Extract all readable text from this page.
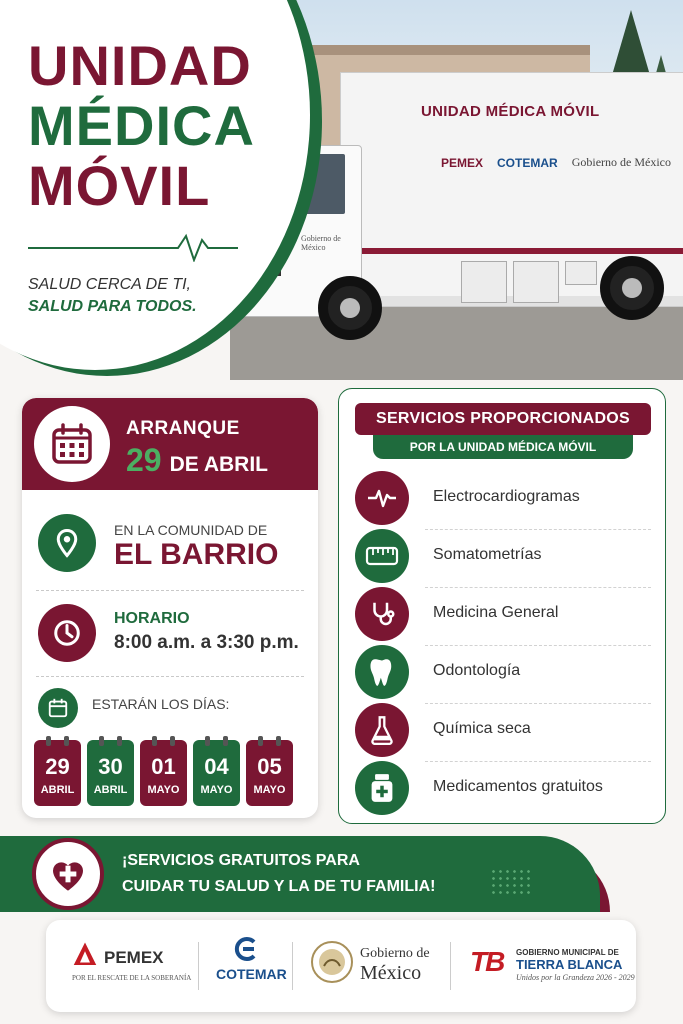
UNIDAD MÉDICA MÓVIL
PEMEX COTEMAR Gobierno de México
Gobierno de México
UNIDAD
MÉDICA
MÓVIL
SALUD CERCA DE TI,
SALUD PARA TODOS.
ARRANQUE
29 DE ABRIL
EN LA COMUNIDAD DE
EL BARRIO
HORARIO
8:00 a.m. a 3:30 p.m.
ESTARÁN LOS DÍAS:
29
ABRIL
30
ABRIL
01
MAYO
04
MAYO
05
MAYO
SERVICIOS PROPORCIONADOS
POR LA UNIDAD MÉDICA MÓVIL
Electrocardiogramas
Somatometrías
Medicina General
Odontología
Química seca
Medicamentos gratuitos
¡SERVICIOS GRATUITOS PARA
CUIDAR TU SALUD Y LA DE TU FAMILIA!
PEMEX
POR EL RESCATE DE LA SOBERANÍA COTEMAR
Gobierno de
México TB GOBIERNO MUNICIPAL DE
TIERRA BLANCA
Unidos por la Grandeza 2026 - 2029
